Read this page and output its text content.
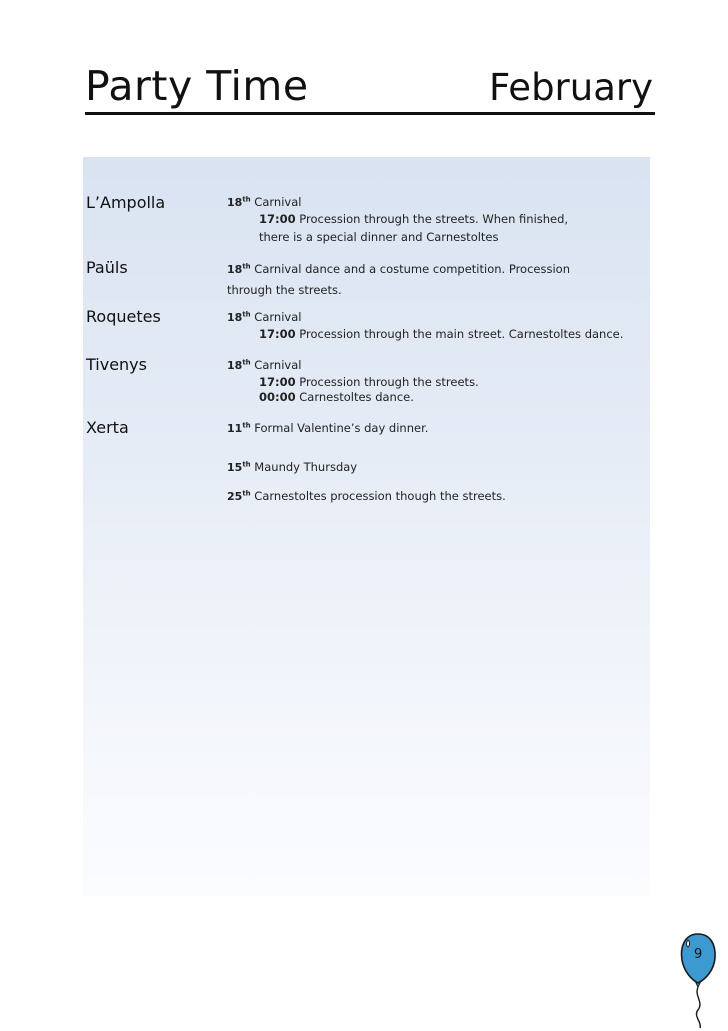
Party Time	February
L’Ampolla	18th Carnival
17:00 Procession through the streets. When finished,
there is a special dinner and Carnestoltes
Paüls	18th Carnival dance and a costume competition. Procession through the streets.
Roquetes	18th Carnival
17:00 Procession through the main street. Carnestoltes dance.
Tivenys	18th Carnival
17:00 Procession through the streets.
00:00 Carnestoltes dance.
Xerta	11th Formal Valentine’s day dinner.
15th Maundy Thursday
25th Carnestoltes procession though the streets.
9
